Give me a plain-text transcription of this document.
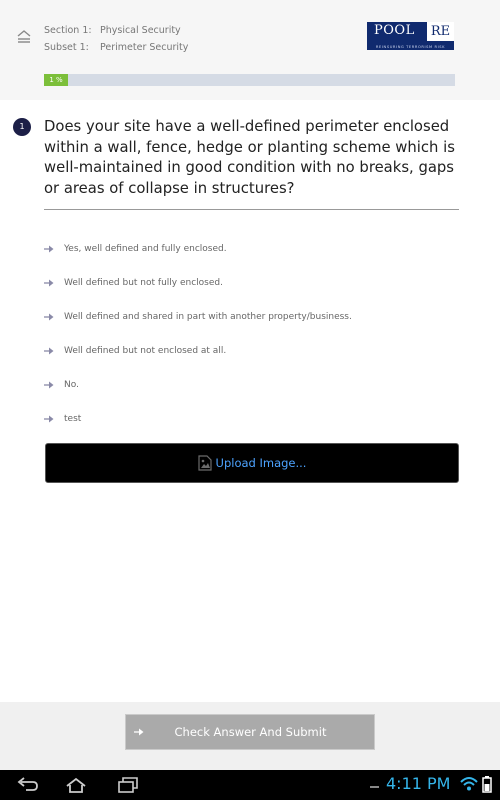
Section 1: Physical Security
Subset 1: Perimeter Security
POOL RE
REINSURING TERRORISM RISK
1 %
1	Does your site have a well-defined perimeter enclosed within a wall, fence, hedge or planting scheme which is well-maintained in good condition with no breaks, gaps or areas of collapse in structures?
Yes, well defined and fully enclosed.
Well defined but not fully enclosed.
Well defined and shared in part with another property/business.
Well defined but not enclosed at all.
No.
test
Upload Image...
Check Answer And Submit
4:11 PM
